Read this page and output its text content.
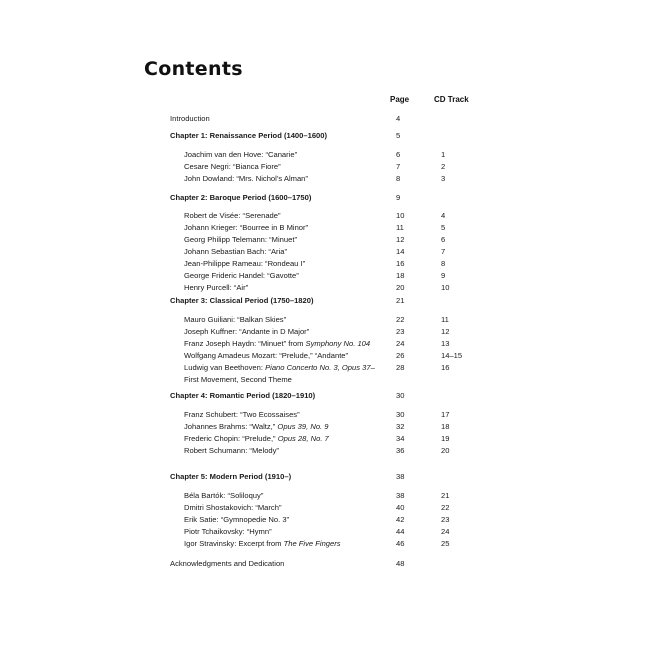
Contents
Page	CD Track
Introduction	4
Chapter 1: Renaissance Period (1400–1600)	5
Joachim van den Hove: “Canarie”	6	1
Cesare Negri: “Bianca Fiore”	7	2
John Dowland: “Mrs. Nichol’s Alman”	8	3
Chapter 2: Baroque Period (1600–1750)	9
Robert de Visée: “Serenade”	10	4
Johann Krieger: “Bourree in B Minor”	11	5
Georg Philipp Telemann: “Minuet”	12	6
Johann Sebastian Bach: “Aria”	14	7
Jean-Philippe Rameau: “Rondeau I”	16	8
George Frideric Handel: “Gavotte”	18	9
Henry Purcell: “Air”	20	10
Chapter 3: Classical Period (1750–1820)	21
Mauro Guiliani: “Balkan Skies”	22	11
Joseph Kuffner: “Andante in D Major”	23	12
Franz Joseph Haydn: “Minuet” from Symphony No. 104	24	13
Wolfgang Amadeus Mozart: “Prelude,” “Andante”	26	14–15
Ludwig van Beethoven: Piano Concerto No. 3, Opus 37–	28	16
First Movement, Second Theme
Chapter 4: Romantic Period (1820–1910)	30
Franz Schubert: “Two Ecossaises”	30	17
Johannes Brahms: “Waltz,” Opus 39, No. 9	32	18
Frederic Chopin: “Prelude,” Opus 28, No. 7	34	19
Robert Schumann: “Melody”	36	20
Chapter 5: Modern Period (1910–)	38
Béla Bartók: “Soliloquy”	38	21
Dmitri Shostakovich: “March”	40	22
Erik Satie: “Gymnopedie No. 3”	42	23
Piotr Tchaikovsky: “Hymn”	44	24
Igor Stravinsky: Excerpt from The Five Fingers	46	25
Acknowledgments and Dedication	48
